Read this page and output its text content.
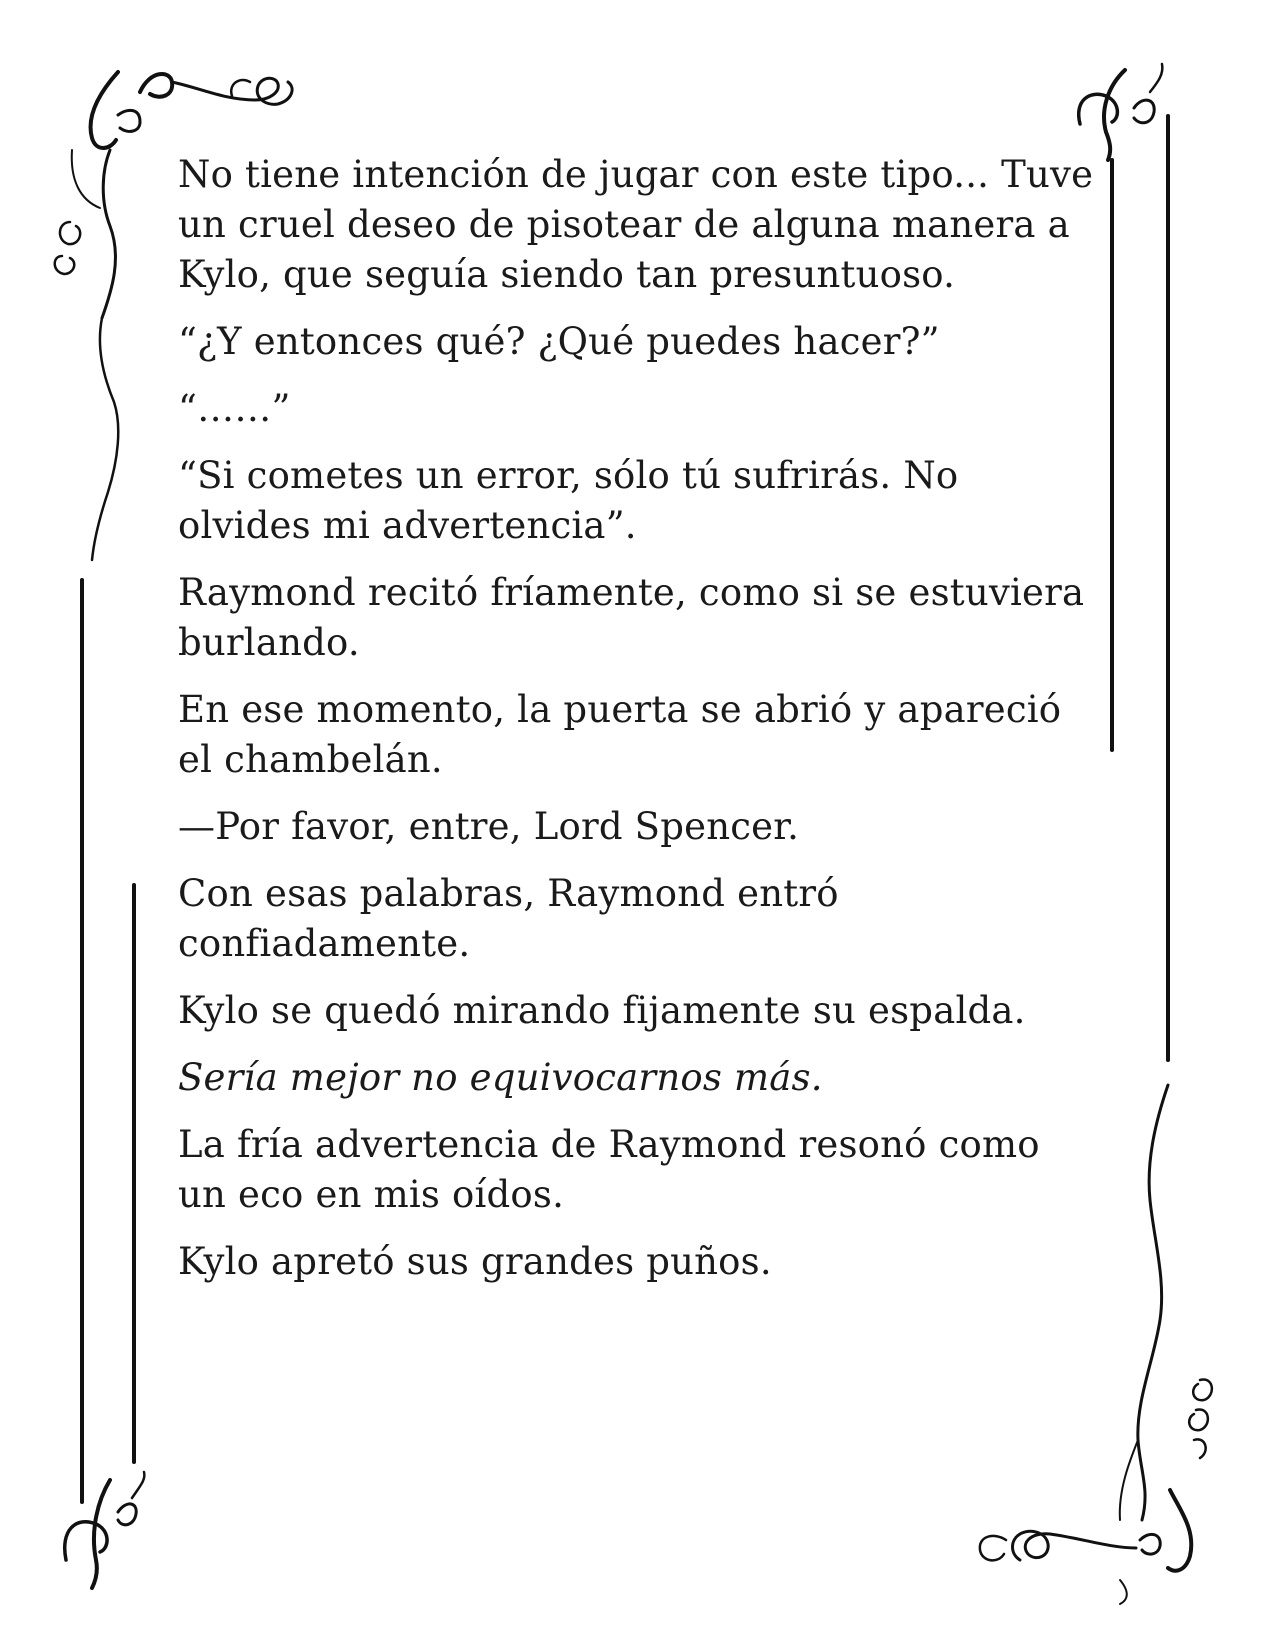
No tiene intención de jugar con este tipo... Tuve un cruel deseo de pisotear de alguna manera a Kylo, que seguía siendo tan presuntuoso.

“¿Y entonces qué? ¿Qué puedes hacer?”

“……”

“Si cometes un error, sólo tú sufrirás. No olvides mi advertencia”.

Raymond recitó fríamente, como si se estuviera burlando.

En ese momento, la puerta se abrió y apareció el chambelán.

—Por favor, entre, Lord Spencer.

Con esas palabras, Raymond entró confiadamente.

Kylo se quedó mirando fijamente su espalda.

Sería mejor no equivocarnos más.

La fría advertencia de Raymond resonó como un eco en mis oídos.

Kylo apretó sus grandes puños.
